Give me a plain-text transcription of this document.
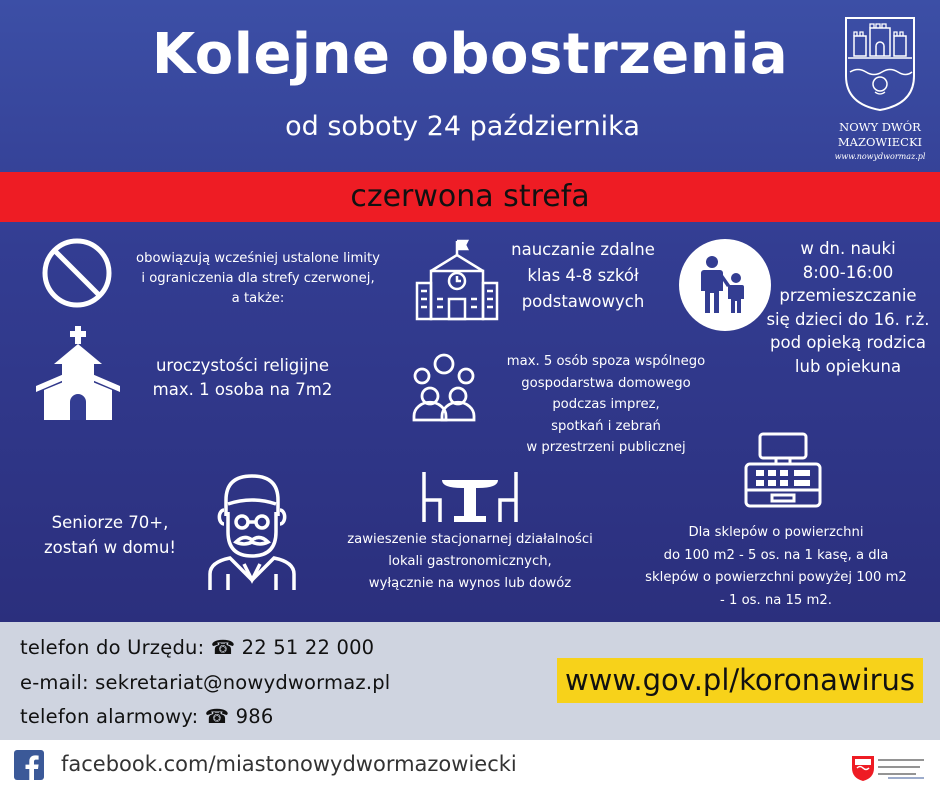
Kolejne obostrzenia
od soboty 24 października	NOWY DWÓR
MAZOWIECKI
www.nowydwormaz.pl
czerwona strefa
obowiązują wcześniej ustalone limity
i ograniczenia dla strefy czerwonej,
a także:
nauczanie zdalne
klas 4-8 szkół
podstawowych
w dn. nauki
8:00-16:00
przemieszczanie
się dzieci do 16. r.ż.
pod opieką rodzica
lub opiekuna
uroczystości religijne
max. 1 osoba na 7m2
max. 5 osób spoza wspólnego
gospodarstwa domowego
podczas imprez,
spotkań i zebrań
w przestrzeni publicznej
Seniorze 70+,
zostań w domu!	zawieszenie stacjonarnej działalności
lokali gastronomicznych,
wyłącznie na wynos lub dowóz
Dla sklepów o powierzchni
do 100 m2 - 5 os. na 1 kasę, a dla
sklepów o powierzchni powyżej 100 m2
- 1 os. na 15 m2.
telefon do Urzędu: ☎ 22 51 22 000
e-mail: sekretariat@nowydwormaz.pl
telefon alarmowy: ☎ 986
www.gov.pl/koronawirus
facebook.com/miastonowydwormazowiecki
